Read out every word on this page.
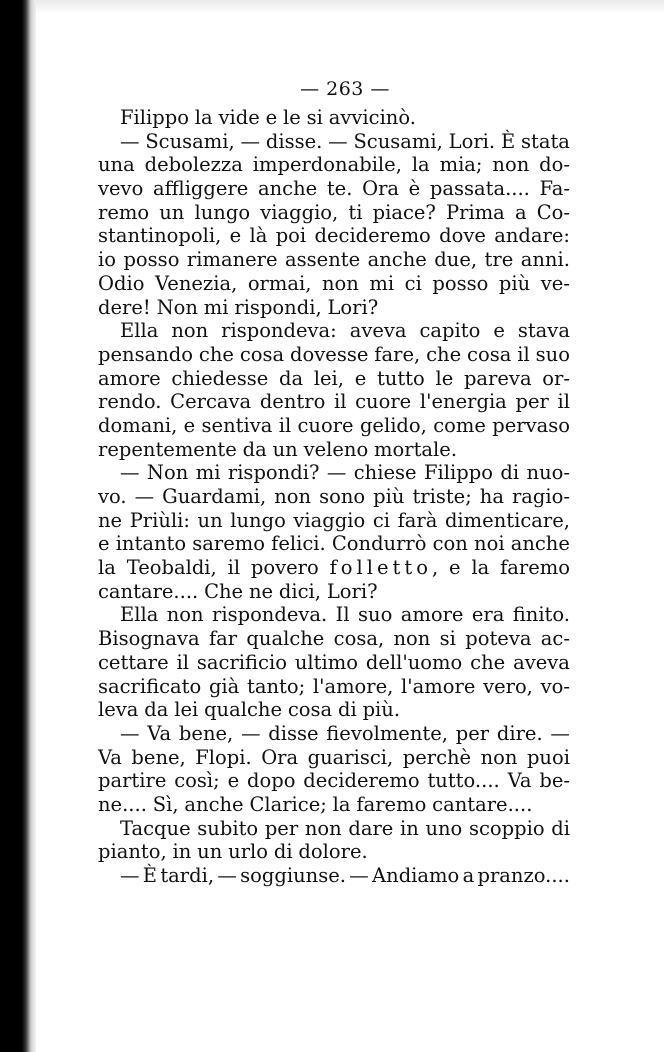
— 263 —
Filippo la vide e le si avvicinò.
— Scusami, — disse. — Scusami, Lori. È stata
una debolezza imperdonabile, la mia; non do-
vevo affliggere anche te. Ora è passata.... Fa-
remo un lungo viaggio, ti piace? Prima a Co-
stantinopoli, e là poi decideremo dove andare:
io posso rimanere assente anche due, tre anni.
Odio Venezia, ormai, non mi ci posso più ve-
dere! Non mi rispondi, Lori?
Ella non rispondeva: aveva capito e stava
pensando che cosa dovesse fare, che cosa il suo
amore chiedesse da lei, e tutto le pareva or-
rendo. Cercava dentro il cuore l'energia per il
domani, e sentiva il cuore gelido, come pervaso
repentemente da un veleno mortale.
— Non mi rispondi? — chiese Filippo di nuo-
vo. — Guardami, non sono più triste; ha ragio-
ne Priùli: un lungo viaggio ci farà dimenticare,
e intanto saremo felici. Condurrò con noi anche
la Teobaldi, il povero folletto, e la faremo
cantare.... Che ne dici, Lori?
Ella non rispondeva. Il suo amore era finito.
Bisognava far qualche cosa, non si poteva ac-
cettare il sacrificio ultimo dell'uomo che aveva
sacrificato già tanto; l'amore, l'amore vero, vo-
leva da lei qualche cosa di più.
— Va bene, — disse fievolmente, per dire. —
Va bene, Flopi. Ora guarisci, perchè non puoi
partire così; e dopo decideremo tutto.... Va be-
ne.... Sì, anche Clarice; la faremo cantare....
Tacque subito per non dare in uno scoppio di
pianto, in un urlo di dolore.
— È tardi, — soggiunse. — Andiamo a pranzo....
